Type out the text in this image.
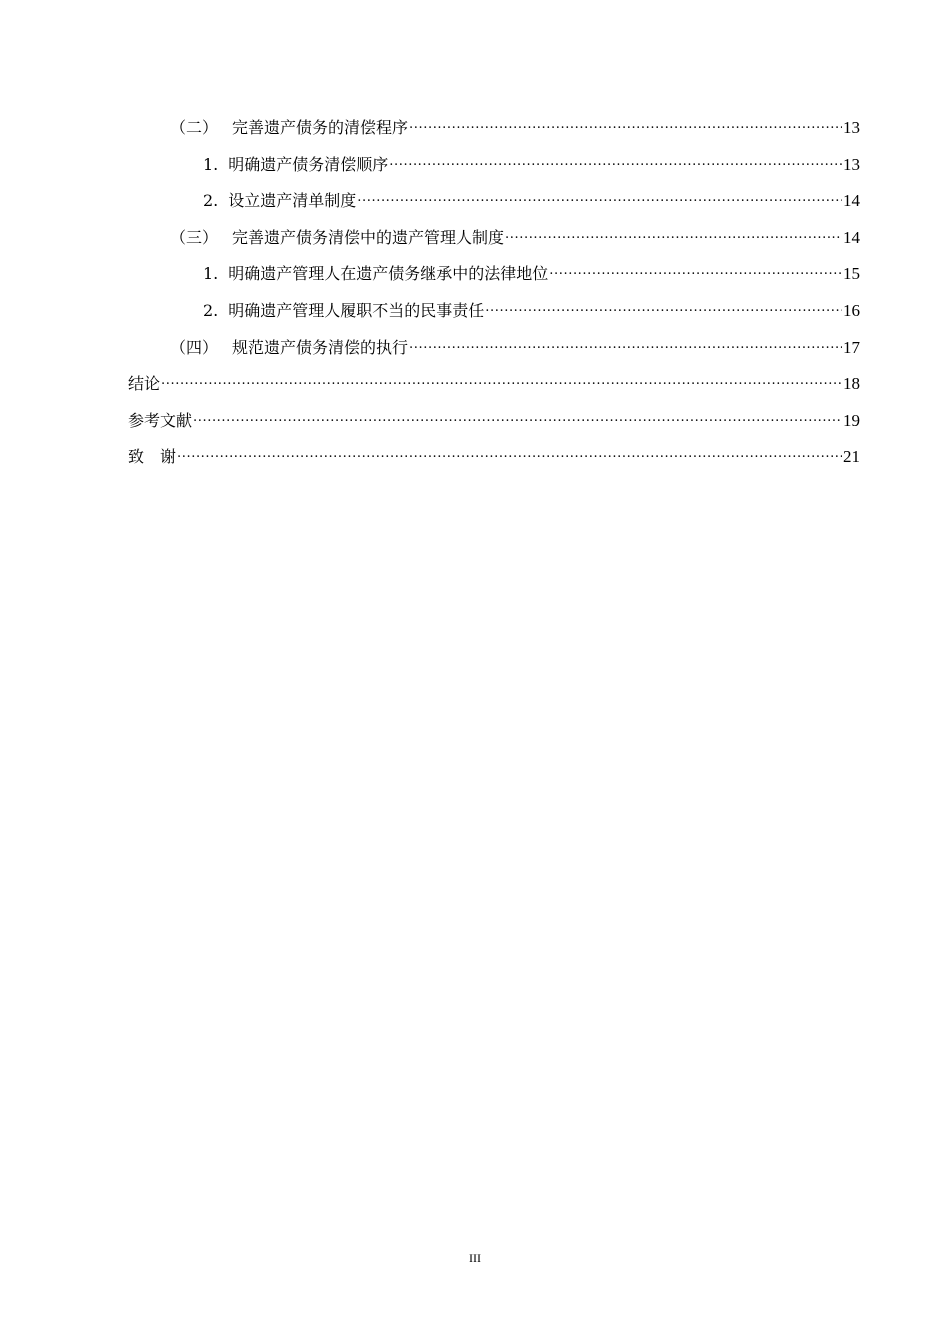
（二） 完善遗产债务的清偿程序 .....	13
1. 明确遗产债务清偿顺序 .....	13
2. 设立遗产清单制度 .....	14
（三） 完善遗产债务清偿中的遗产管理人制度 .....	14
1. 明确遗产管理人在遗产债务继承中的法律地位 .....	15
2. 明确遗产管理人履职不当的民事责任 .....	16
（四） 规范遗产债务清偿的执行 .....	17
结论 .....	18
参考文献 .....	19
致　谢 .....	21
III
